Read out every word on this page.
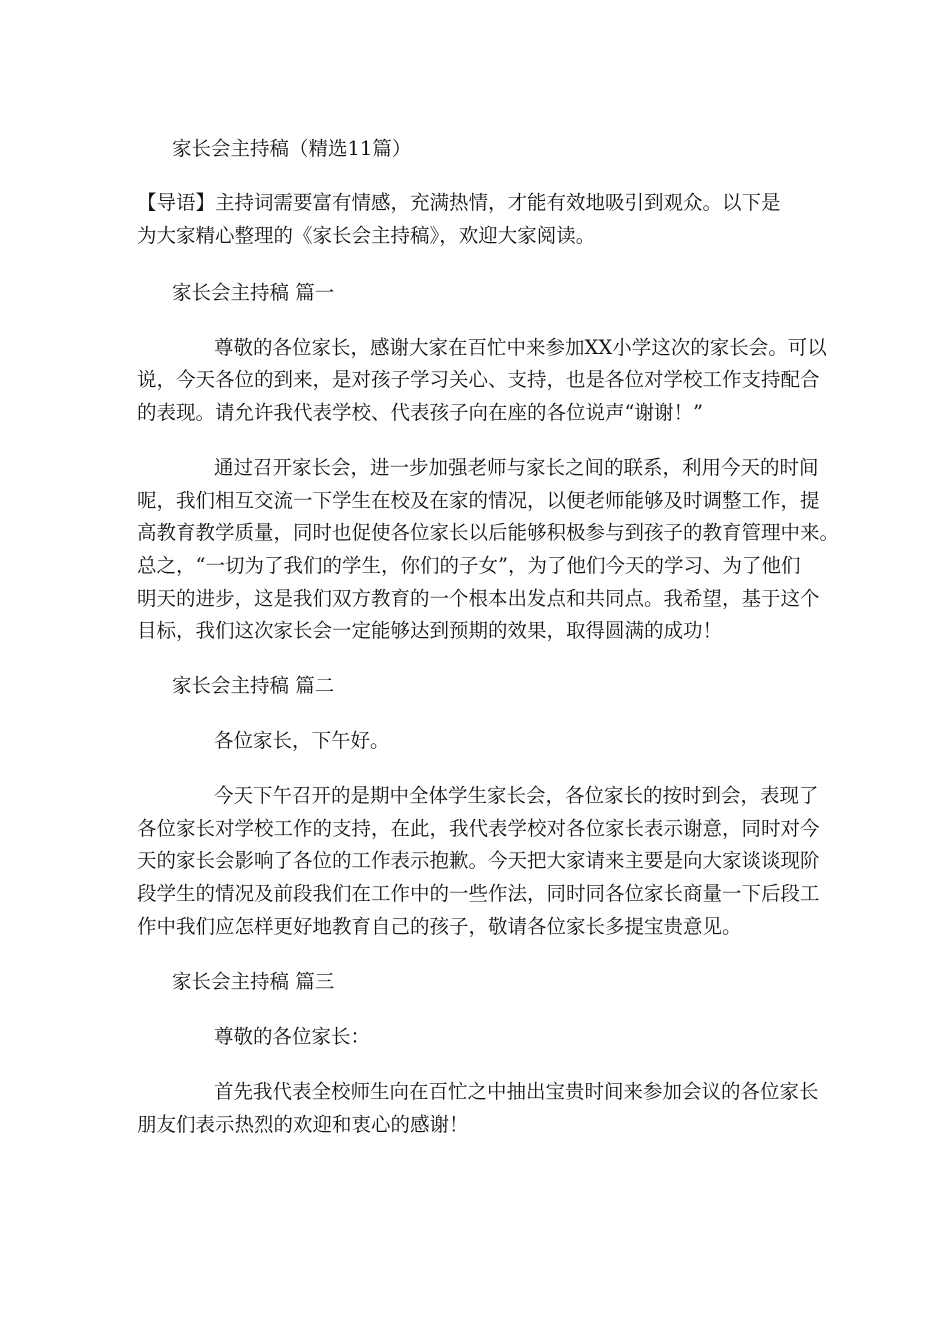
家长会主持稿（精选11篇）
【导语】主持词需要富有情感，充满热情，才能有效地吸引到观众。以下是
为大家精心整理的《家长会主持稿》，欢迎大家阅读。
家长会主持稿 篇一
尊敬的各位家长，感谢大家在百忙中来参加XX小学这次的家长会。可以
说，今天各位的到来，是对孩子学习关心、支持，也是各位对学校工作支持配合
的表现。请允许我代表学校、代表孩子向在座的各位说声“谢谢！”
通过召开家长会，进一步加强老师与家长之间的联系，利用今天的时间
呢，我们相互交流一下学生在校及在家的情况，以便老师能够及时调整工作，提
高教育教学质量，同时也促使各位家长以后能够积极参与到孩子的教育管理中来。
总之，“一切为了我们的学生，你们的子女”，为了他们今天的学习、为了他们
明天的进步，这是我们双方教育的一个根本出发点和共同点。我希望，基于这个
目标，我们这次家长会一定能够达到预期的效果，取得圆满的成功！
家长会主持稿 篇二
各位家长，下午好。
今天下午召开的是期中全体学生家长会，各位家长的按时到会，表现了
各位家长对学校工作的支持，在此，我代表学校对各位家长表示谢意，同时对今
天的家长会影响了各位的工作表示抱歉。今天把大家请来主要是向大家谈谈现阶
段学生的情况及前段我们在工作中的一些作法，同时同各位家长商量一下后段工
作中我们应怎样更好地教育自己的孩子，敬请各位家长多提宝贵意见。
家长会主持稿 篇三
尊敬的各位家长：
首先我代表全校师生向在百忙之中抽出宝贵时间来参加会议的各位家长
朋友们表示热烈的欢迎和衷心的感谢！
